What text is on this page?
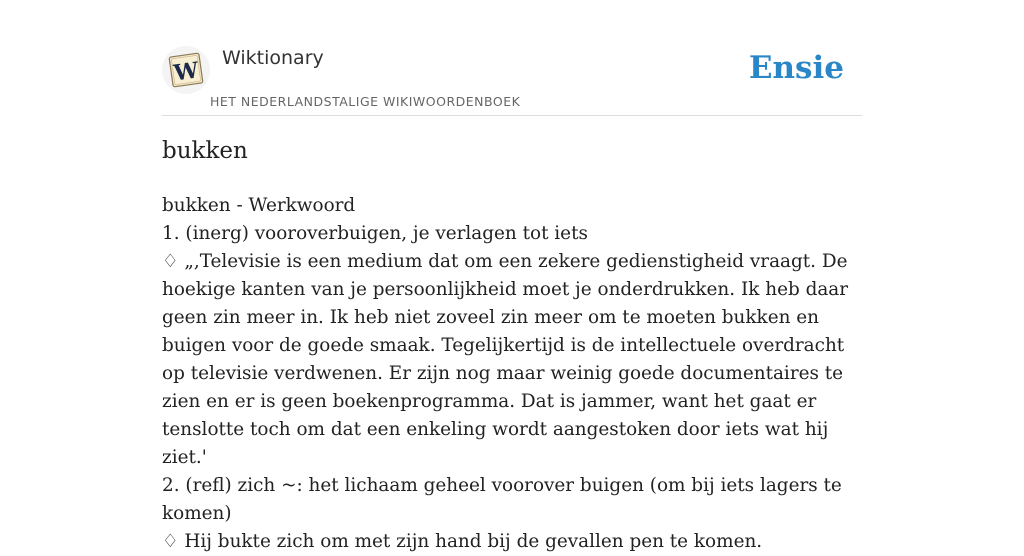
W Wiktionary
HET NEDERLANDSTALIGE WIKIWOORDENBOEK
Ensie
bukken

bukken - Werkwoord

1. (inerg) vooroverbuigen, je verlagen tot iets

♢ „,Televisie is een medium dat om een zekere gedienstigheid vraagt. De hoekige kanten van je persoonlijkheid moet je onderdrukken. Ik heb daar geen zin meer in. Ik heb niet zoveel zin meer om te moeten bukken en buigen voor de goede smaak. Tegelijkertijd is de intellectuele overdracht op televisie verdwenen. Er zijn nog maar weinig goede documentaires te zien en er is geen boekenprogramma. Dat is jammer, want het gaat er tenslotte toch om dat een enkeling wordt aangestoken door iets wat hij ziet.'

2. (refl) zich ~: het lichaam geheel voorover buigen (om bij iets lagers te komen)

♢ Hij bukte zich om met zijn hand bij de gevallen pen te komen.
